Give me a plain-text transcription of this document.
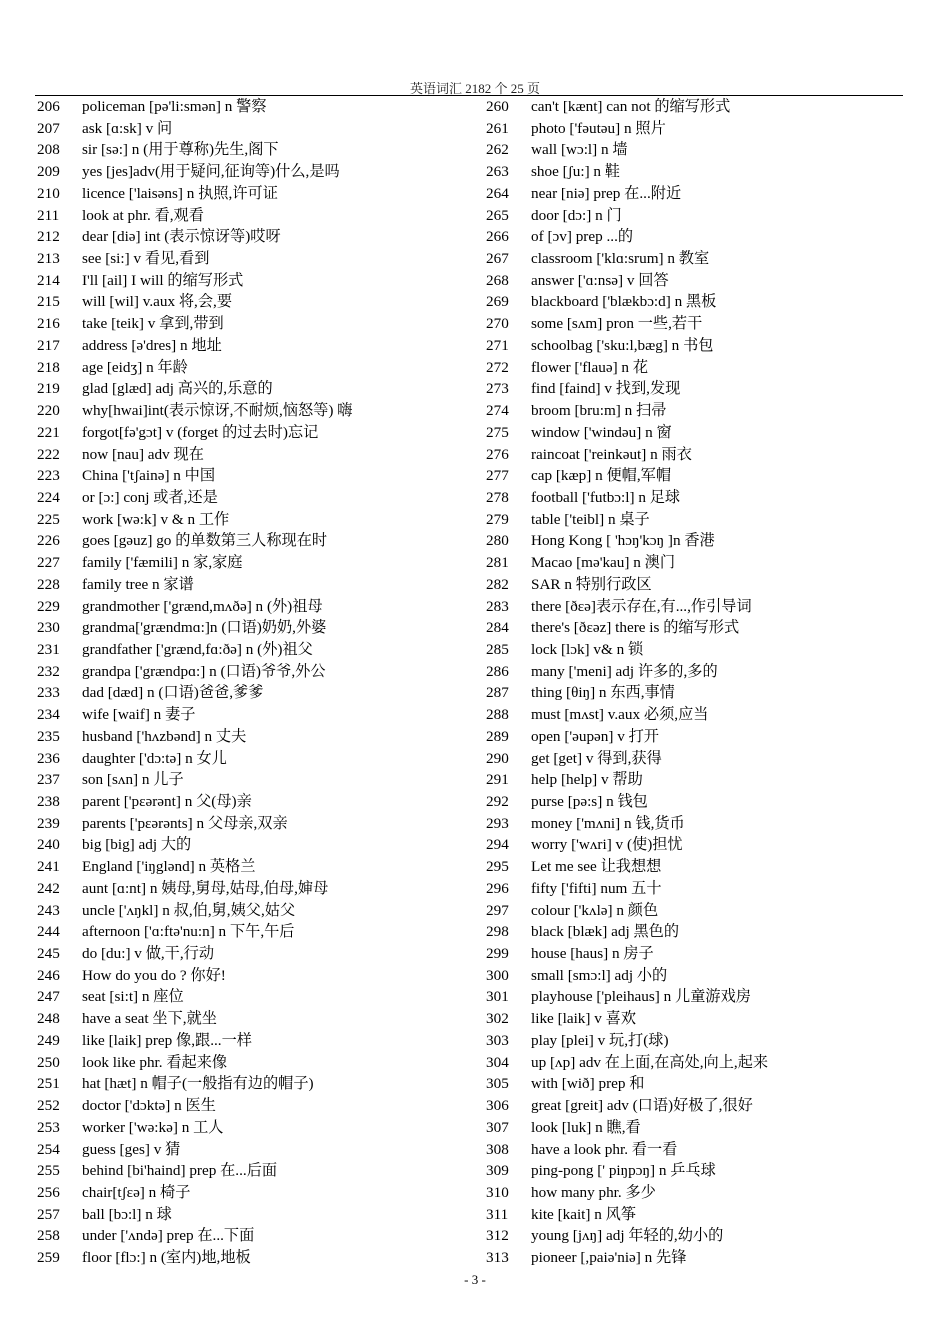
英语词汇 2182 个 25 页
206	policeman [pə'li:smən] n 警察
207	ask [ɑ:sk] v 问
208	sir [sə:] n (用于尊称)先生,阁下
209	yes [jes]adv(用于疑问,征询等)什么,是吗
210	licence ['laisəns] n 执照,许可证
211	look at phr. 看,观看
212	dear [diə] int (表示惊讶等)哎呀
213	see [si:] v 看见,看到
214	I'll [ail] I will 的缩写形式
215	will [wil] v.aux 将,会,要
216	take [teik] v 拿到,带到
217	address [ə'dres] n 地址
218	age [eidʒ] n 年龄
219	glad [glæd] adj 高兴的,乐意的
220	why[hwai]int(表示惊讶,不耐烦,恼怒等) 嗨
221	forgot[fə'gɔt] v (forget 的过去时)忘记
222	now [nau] adv 现在
223	China ['tʃainə] n 中国
224	or [ɔ:] conj 或者,还是
225	work [wə:k] v & n 工作
226	goes [gəuz] go 的单数第三人称现在时
227	family ['fæmili] n 家,家庭
228	family tree n 家谱
229	grandmother ['grænd,mʌðə] n (外)祖母
230	grandma['grændmɑ:]n (口语)奶奶,外婆
231	grandfather ['grænd,fɑ:ðə] n (外)祖父
232	grandpa ['grændpɑ:] n (口语)爷爷,外公
233	dad [dæd] n (口语)爸爸,爹爹
234	wife [waif] n 妻子
235	husband ['hʌzbənd] n 丈夫
236	daughter ['dɔ:tə] n 女儿
237	son [sʌn] n 儿子
238	parent ['pεərənt] n 父(母)亲
239	parents ['pεərənts] n 父母亲,双亲
240	big [big] adj 大的
241	England ['iŋglənd] n 英格兰
242	aunt [ɑ:nt] n 姨母,舅母,姑母,伯母,婶母
243	uncle ['ʌŋkl] n 叔,伯,舅,姨父,姑父
244	afternoon ['ɑ:ftə'nu:n] n 下午,午后
245	do [du:] v 做,干,行动
246	How do you do ? 你好!
247	seat [si:t] n 座位
248	have a seat 坐下,就坐
249	like [laik] prep 像,跟...一样
250	look like phr. 看起来像
251	hat [hæt] n 帽子(一般指有边的帽子)
252	doctor ['dɔktə] n 医生
253	worker ['wə:kə] n 工人
254	guess [ges] v 猜
255	behind [bi'haind] prep 在...后面
256	chair[tʃεə] n 椅子
257	ball [bɔ:l] n 球
258	under ['ʌndə] prep 在...下面
259	floor [flɔ:] n (室内)地,地板
260	can't [kænt] can not 的缩写形式
261	photo ['fəutəu] n 照片
262	wall [wɔ:l] n 墙
263	shoe [ʃu:] n 鞋
264	near [niə] prep 在...附近
265	door [dɔ:] n 门
266	of [ɔv] prep ...的
267	classroom ['klɑ:srum] n 教室
268	answer ['ɑ:nsə] v 回答
269	blackboard ['blækbɔ:d] n 黑板
270	some [sʌm] pron 一些,若干
271	schoolbag ['sku:l,bæg] n 书包
272	flower ['flauə] n 花
273	find [faind] v 找到,发现
274	broom [bru:m] n 扫帚
275	window ['windəu] n 窗
276	raincoat ['reinkəut] n 雨衣
277	cap [kæp] n 便帽,军帽
278	football ['futbɔ:l] n 足球
279	table ['teibl] n 桌子
280	Hong Kong [ 'hɔŋ'kɔŋ ]n 香港
281	Macao [mə'kau] n 澳门
282	SAR n 特别行政区
283	there [ðεə]表示存在,有...,作引导词
284	there's [ðεəz] there is 的缩写形式
285	lock [lɔk] v& n 锁
286	many ['meni] adj 许多的,多的
287	thing [θiŋ] n 东西,事情
288	must [mʌst] v.aux 必须,应当
289	open ['əupən] v 打开
290	get [get] v 得到,获得
291	help [help] v 帮助
292	purse [pə:s] n 钱包
293	money ['mʌni] n 钱,货币
294	worry ['wʌri] v (使)担忧
295	Let me see 让我想想
296	fifty ['fifti] num 五十
297	colour ['kʌlə] n 颜色
298	black [blæk] adj 黑色的
299	house [haus] n 房子
300	small [smɔ:l] adj 小的
301	playhouse ['pleihaus] n 儿童游戏房
302	like [laik] v 喜欢
303	play [plei] v 玩,打(球)
304	up [ʌp] adv 在上面,在高处,向上,起来
305	with [wið] prep 和
306	great [greit] adv (口语)好极了,很好
307	look [luk] n 瞧,看
308	have a look phr. 看一看
309	ping-pong [' piŋpɔŋ] n 乒乓球
310	how many phr. 多少
311	kite [kait] n 风筝
312	young [jʌŋ] adj 年轻的,幼小的
313	pioneer [,paiə'niə] n 先锋
- 3 -
